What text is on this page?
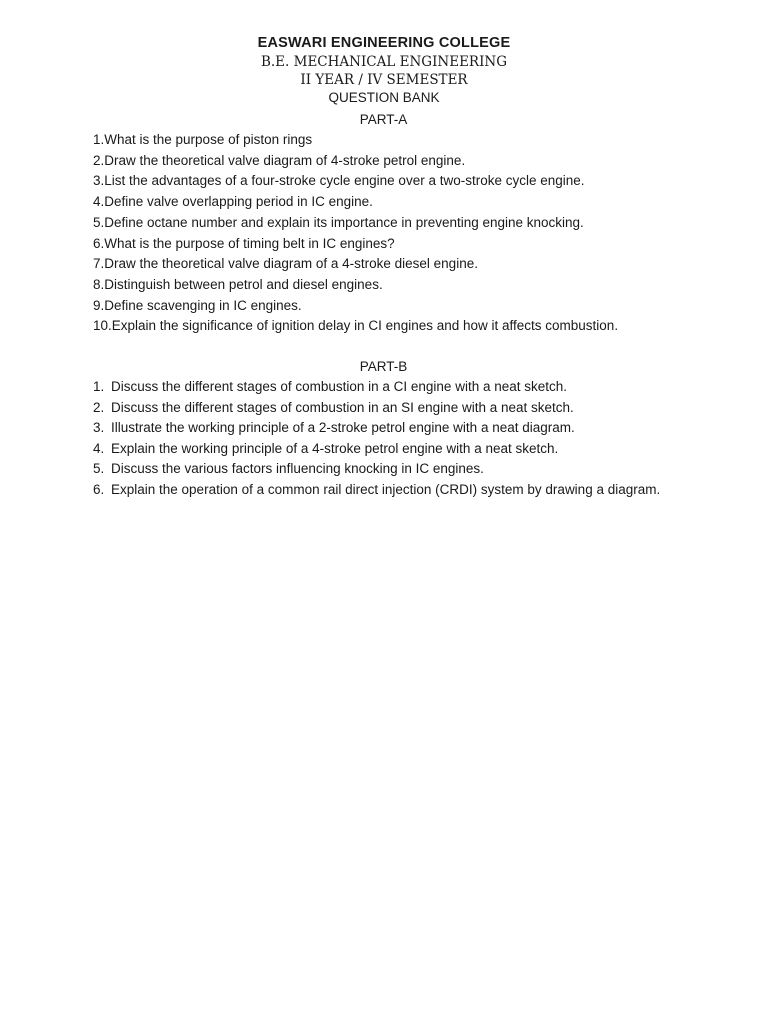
EASWARI ENGINEERING COLLEGE
B.E. MECHANICAL ENGINEERING
II YEAR / IV SEMESTER
QUESTION BANK
PART-A
1.What is the purpose of piston rings
2.Draw the theoretical valve diagram of 4-stroke petrol engine.
3.List the advantages of a four-stroke cycle engine over a two-stroke cycle engine.
4.Define valve overlapping period in IC engine.
5.Define octane number and explain its importance in preventing engine knocking.
6.What is the purpose of timing belt in IC engines?
7.Draw the theoretical valve diagram of a 4-stroke diesel engine.
8.Distinguish between petrol and diesel engines.
9.Define scavenging in IC engines.
10.Explain the significance of ignition delay in CI engines and how it affects combustion.
PART-B
1. Discuss the different stages of combustion in a CI engine with a neat sketch.
2. Discuss the different stages of combustion in an SI engine with a neat sketch.
3. Illustrate the working principle of a 2-stroke petrol engine with a neat diagram.
4. Explain the working principle of a 4-stroke petrol engine with a neat sketch.
5. Discuss the various factors influencing knocking in IC engines.
6. Explain the operation of a common rail direct injection (CRDI) system by drawing a diagram.
